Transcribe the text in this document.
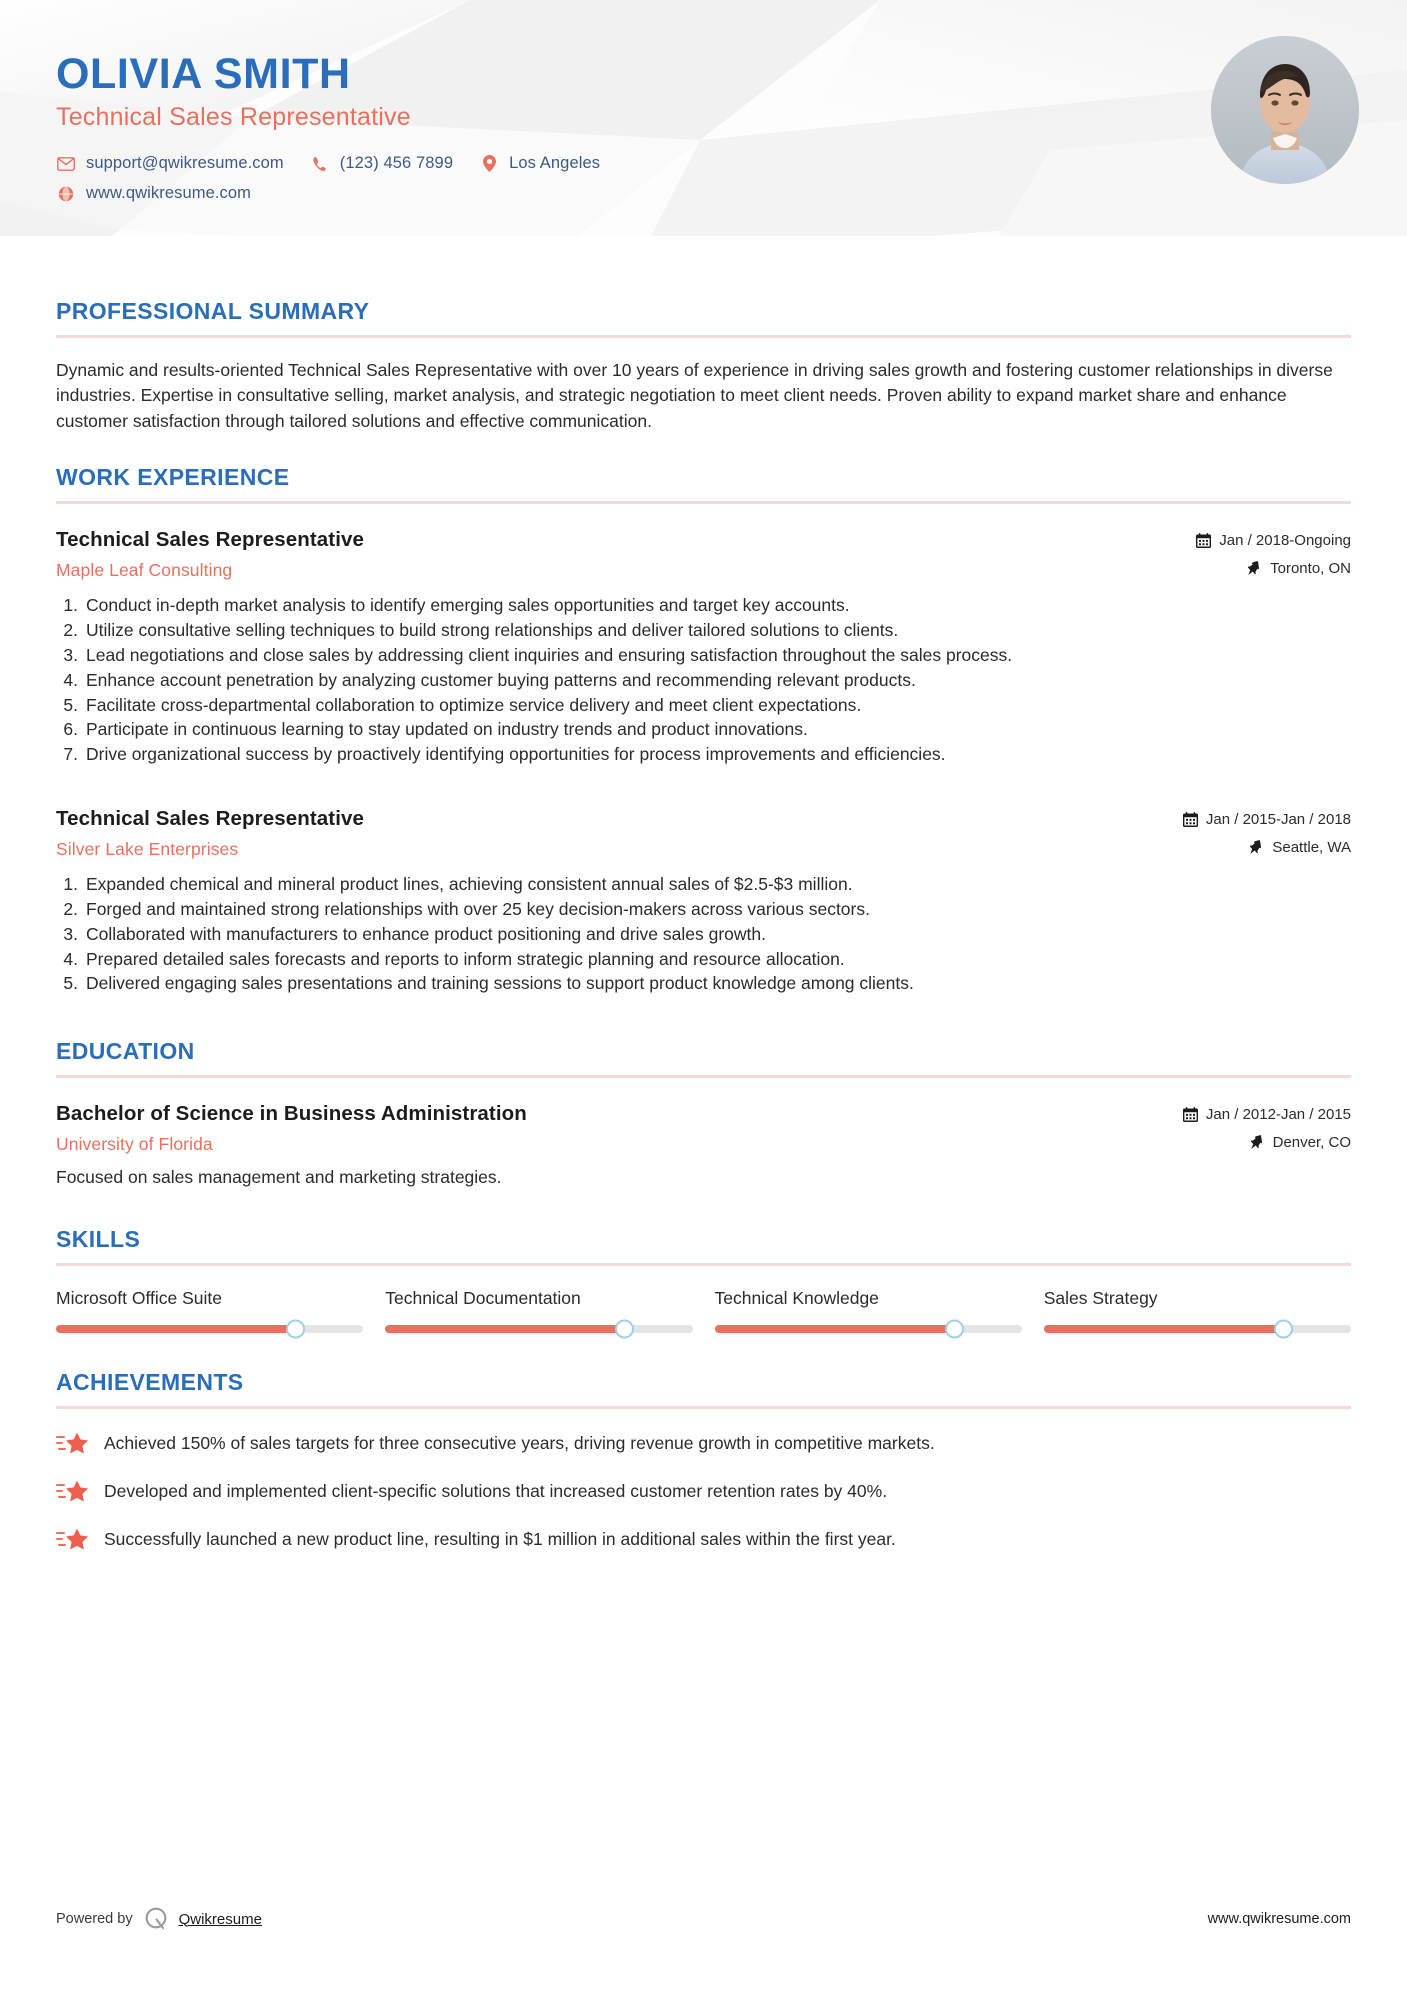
OLIVIA SMITH
Technical Sales Representative
support@qwikresume.com	(123) 456 7899	Los Angeles
www.qwikresume.com
PROFESSIONAL SUMMARY

Dynamic and results-oriented Technical Sales Representative with over 10 years of experience in driving sales growth and fostering customer relationships in diverse industries. Expertise in consultative selling, market analysis, and strategic negotiation to meet client needs. Proven ability to expand market share and enhance customer satisfaction through tailored solutions and effective communication.

WORK EXPERIENCE
Technical Sales Representative
Maple Leaf Consulting
Jan / 2018-Ongoing
Toronto, ON
1. Conduct in-depth market analysis to identify emerging sales opportunities and target key accounts.
2. Utilize consultative selling techniques to build strong relationships and deliver tailored solutions to clients.
3. Lead negotiations and close sales by addressing client inquiries and ensuring satisfaction throughout the sales process.
4. Enhance account penetration by analyzing customer buying patterns and recommending relevant products.
5. Facilitate cross-departmental collaboration to optimize service delivery and meet client expectations.
6. Participate in continuous learning to stay updated on industry trends and product innovations.
7. Drive organizational success by proactively identifying opportunities for process improvements and efficiencies.
Technical Sales Representative
Silver Lake Enterprises
Jan / 2015-Jan / 2018
Seattle, WA
1. Expanded chemical and mineral product lines, achieving consistent annual sales of $2.5-$3 million.
2. Forged and maintained strong relationships with over 25 key decision-makers across various sectors.
3. Collaborated with manufacturers to enhance product positioning and drive sales growth.
4. Prepared detailed sales forecasts and reports to inform strategic planning and resource allocation.
5. Delivered engaging sales presentations and training sessions to support product knowledge among clients.
EDUCATION
Bachelor of Science in Business Administration
University of Florida
Jan / 2012-Jan / 2015
Denver, CO
Focused on sales management and marketing strategies.
SKILLS
Microsoft Office Suite	Technical Documentation	Technical Knowledge	Sales Strategy
ACHIEVEMENTS
Achieved 150% of sales targets for three consecutive years, driving revenue growth in competitive markets.
Developed and implemented client-specific solutions that increased customer retention rates by 40%.
Successfully launched a new product line, resulting in $1 million in additional sales within the first year.
Powered by	Qwikresume	www.qwikresume.com
